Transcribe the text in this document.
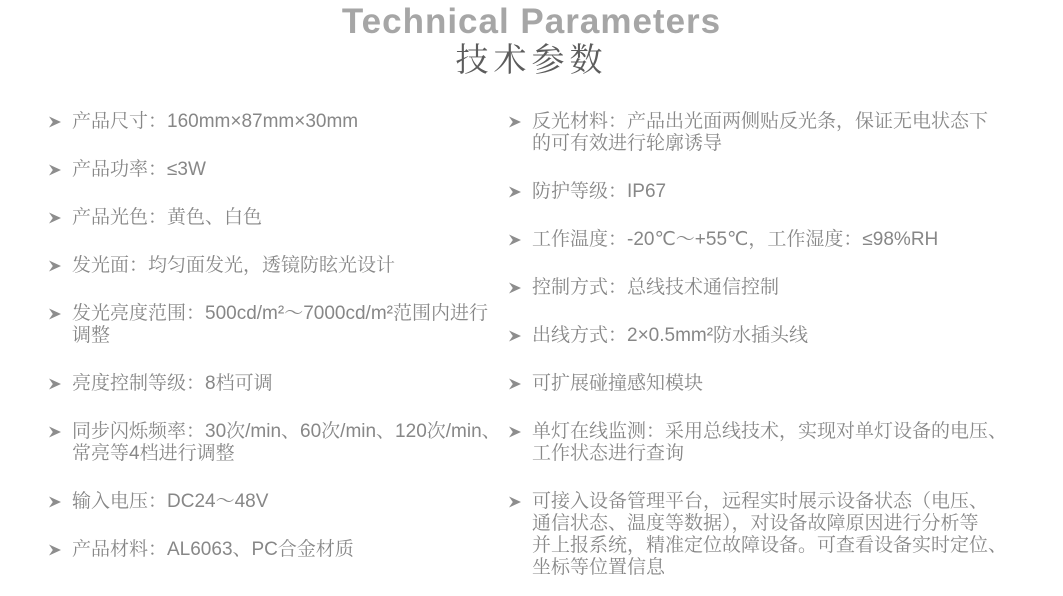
Technical Parameters
技术参数
产品尺寸：160mm×87mm×30mm
产品功率：≤3W
产品光色：黄色、白色
发光面：均匀面发光，透镜防眩光设计
发光亮度范围：500cd/m²～7000cd/m²范围内进行
调整
亮度控制等级：8档可调
同步闪烁频率：30次/min、60次/min、120次/min、
常亮等4档进行调整
输入电压：DC24～48V
产品材料：AL6063、PC合金材质
反光材料：产品出光面两侧贴反光条，保证无电状态下
的可有效进行轮廓诱导
防护等级：IP67
工作温度：-20℃～+55℃，工作湿度：≤98%RH
控制方式：总线技术通信控制
出线方式：2×0.5mm²防水插头线
可扩展碰撞感知模块
单灯在线监测：采用总线技术，实现对单灯设备的电压、
工作状态进行查询
可接入设备管理平台，远程实时展示设备状态（电压、
通信状态、温度等数据），对设备故障原因进行分析等
并上报系统，精准定位故障设备。可查看设备实时定位、
坐标等位置信息
